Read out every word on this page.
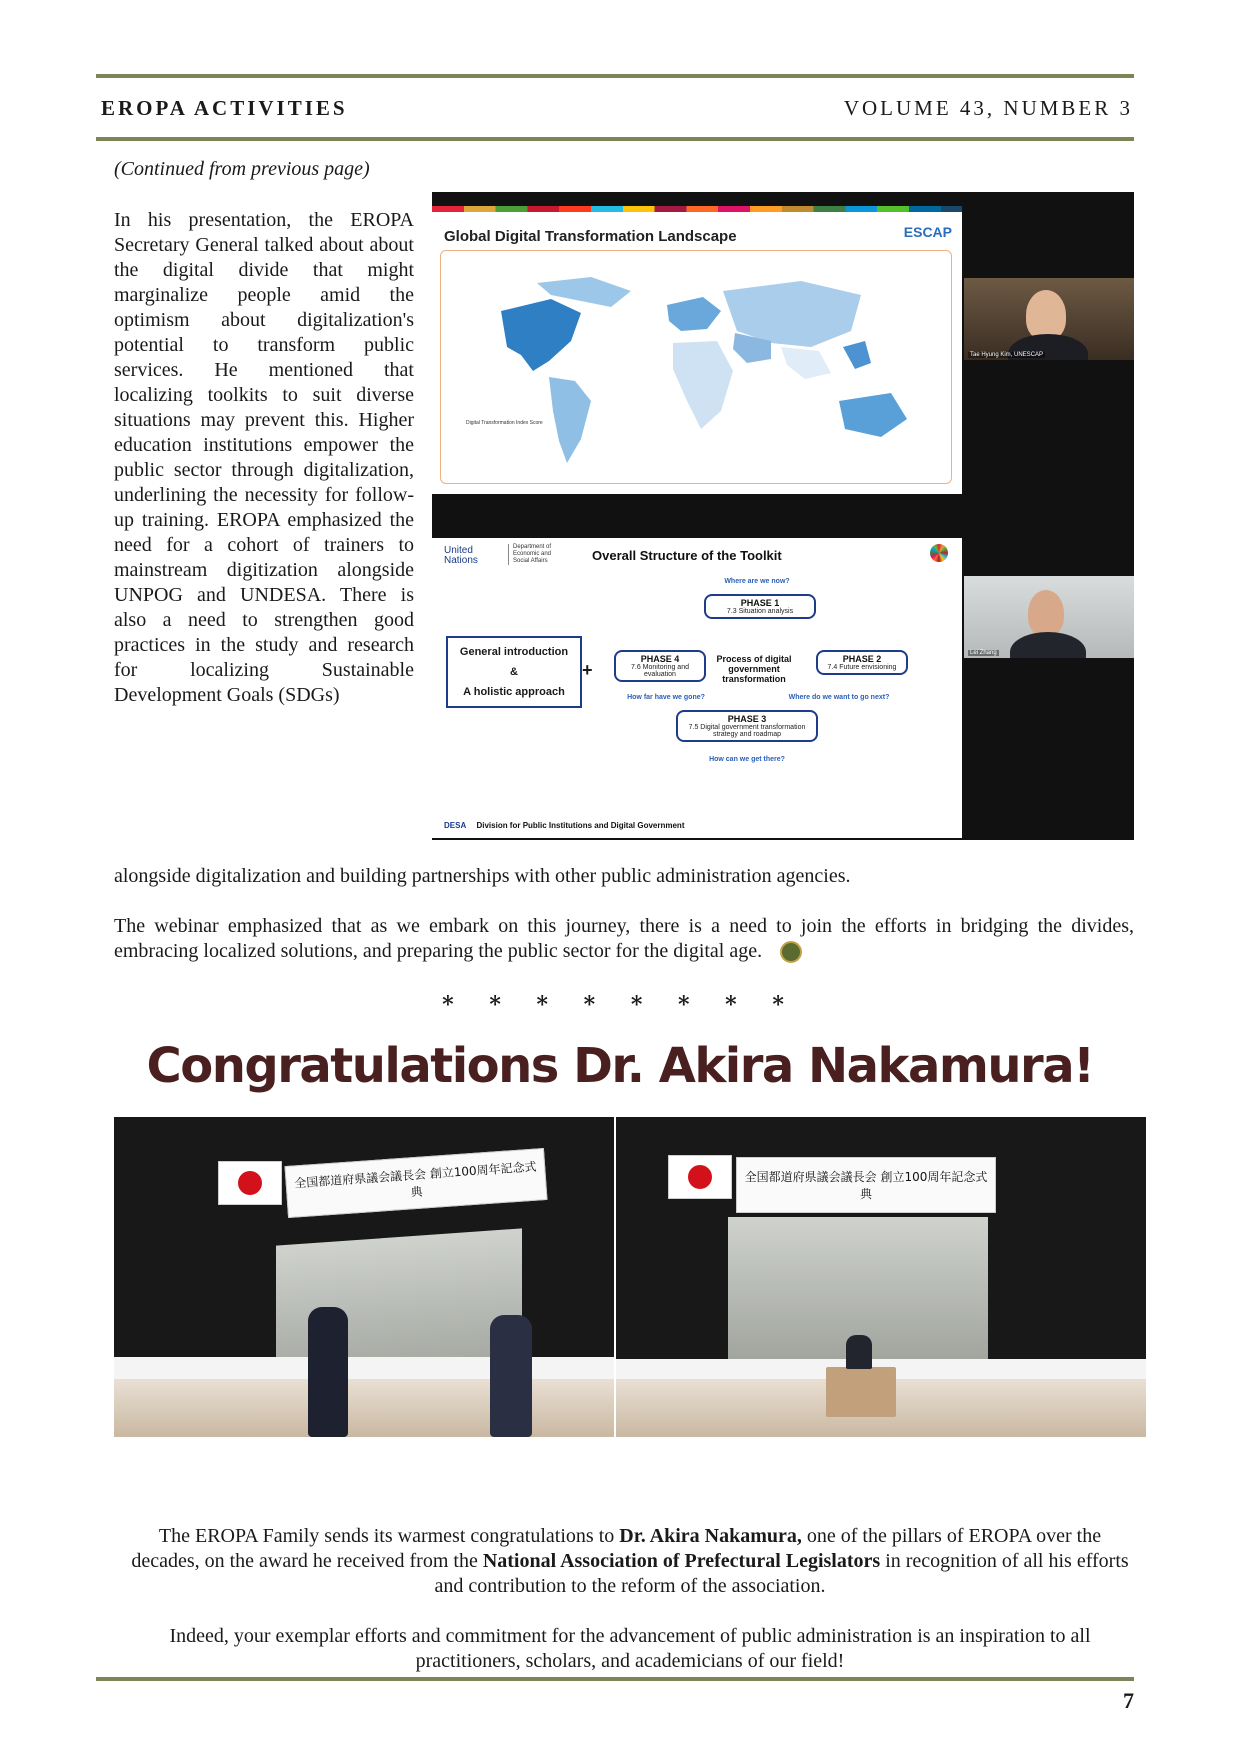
EROPA ACTIVITIES	VOLUME 43, NUMBER 3
(Continued from previous page)
In his presentation, the EROPA Secretary General talked about about the digital divide that might marginalize people amid the optimism about digitalization's potential to transform public services. He mentioned that localizing toolkits to suit diverse situations may prevent this. Higher education institutions empower the public sector through digitalization, underlining the necessity for follow-up training. EROPA emphasized the need for a cohort of trainers to mainstream digitization alongside UNPOG and UNDESA. There is also a need to strengthen good practices in the study and research for localizing Sustainable Development Goals (SDGs)
Global Digital Transformation Landscape	ESCAP
Digital Transformation Index Score
Tae Hyung Kim, UNESCAP
United
Nations
Department of
Economic and
Social Affairs	Overall Structure of the Toolkit
Where are we now?
PHASE 1
7.3 Situation analysis
PHASE 4
7.6 Monitoring and evaluation
Process of digital government transformation
PHASE 2
7.4 Future envisioning
How far have we gone?	Where do we want to go next?
PHASE 3
7.5 Digital government transformation strategy and roadmap
How can we get there?
General introduction
&
A holistic approach
+
DESA Division for Public Institutions and Digital Government
Lei Zhang
alongside digitalization and building partnerships with other public administration agencies.
The webinar emphasized that as we embark on this journey, there is a need to join the efforts in bridging the divides, embracing localized solutions, and preparing the public sector for the digital age.
* * * * * * * *
Congratulations Dr. Akira Nakamura!
全国都道府県議会議長会 創立100周年記念式典
全国都道府県議会議長会 創立100周年記念式典
The EROPA Family sends its warmest congratulations to Dr. Akira Nakamura, one of the pillars of EROPA over the decades, on the award he received from the National Association of Prefectural Legislators in recognition of all his efforts and contribution to the reform of the association.
Indeed, your exemplar efforts and commitment for the advancement of public administration is an inspiration to all practitioners, scholars, and academicians of our field!
7
